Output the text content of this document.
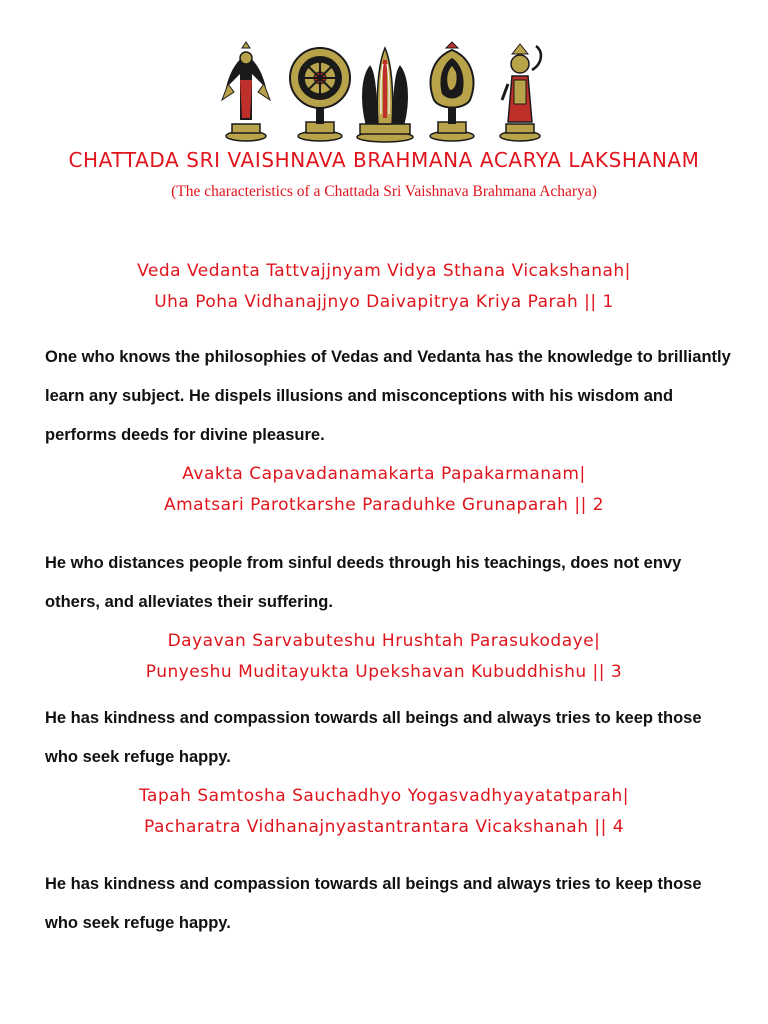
CHATTADA SRI VAISHNAVA BRAHMANA ACARYA LAKSHANAM
(The characteristics of a Chattada Sri Vaishnava Brahmana Acharya)
Veda Vedanta Tattvajjnyam Vidya Sthana Vicakshanah|
Uha Poha Vidhanajjnyo Daivapitrya Kriya Parah || 1
One who knows the philosophies of Vedas and Vedanta has the knowledge to brilliantly learn any subject. He dispels illusions and misconceptions with his wisdom and performs deeds for divine pleasure.
Avakta Capavadanamakarta Papakarmanam|
Amatsari Parotkarshe Paraduhke Grunaparah || 2
He who distances people from sinful deeds through his teachings, does not envy others, and alleviates their suffering.
Dayavan Sarvabuteshu Hrushtah Parasukodaye|
Punyeshu Muditayukta Upekshavan Kubuddhishu || 3
He has kindness and compassion towards all beings and always tries to keep those who seek refuge happy.
Tapah Samtosha Sauchadhyo Yogasvadhyayatatparah|
Pacharatra Vidhanajnyastantrantara Vicakshanah || 4
He has kindness and compassion towards all beings and always tries to keep those who seek refuge happy.
